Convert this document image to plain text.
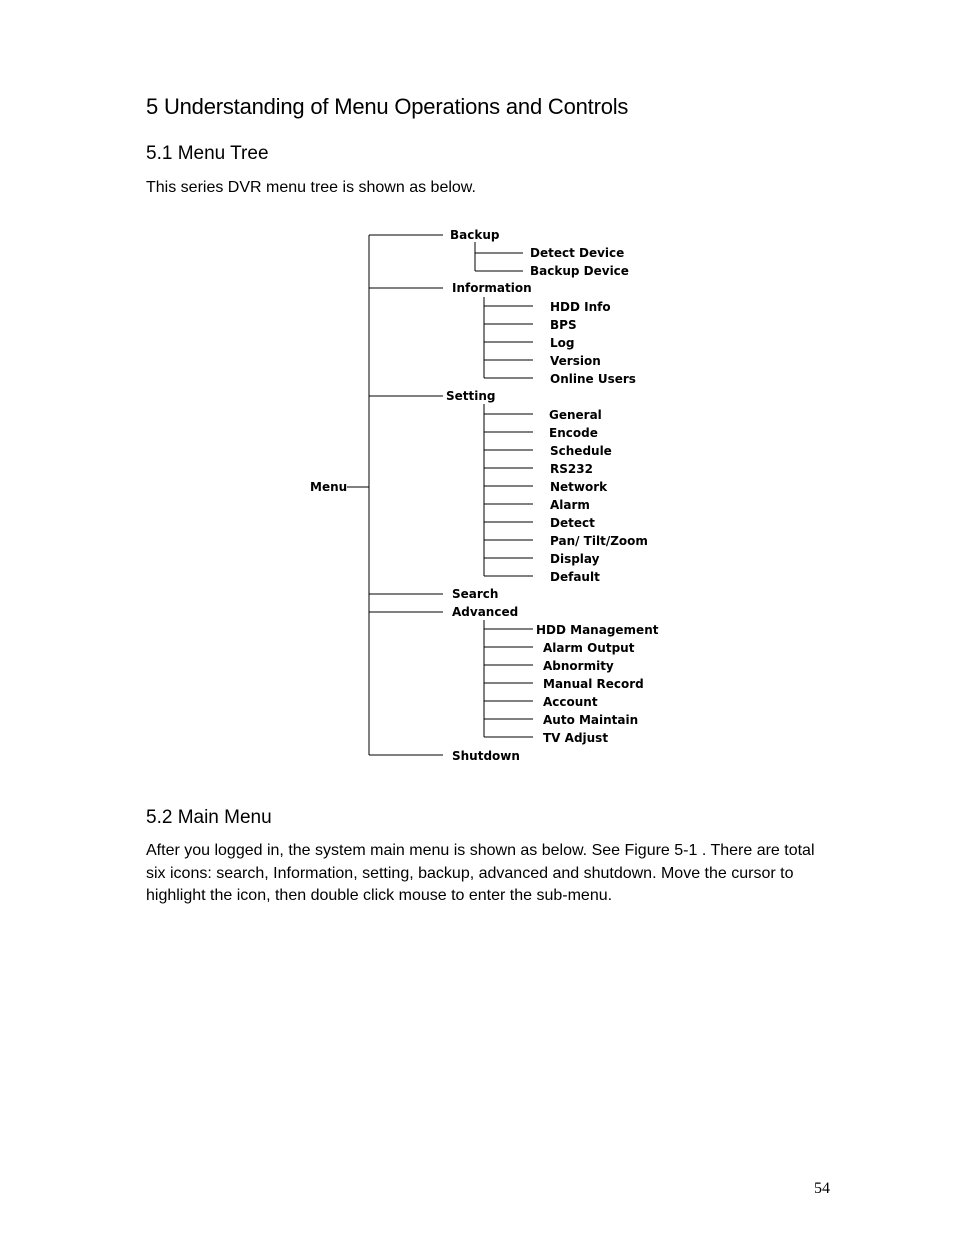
5 Understanding of Menu Operations and Controls
5.1 Menu Tree
This series DVR menu tree is shown as below.
Menu
Backup
Information
Setting
Search
Advanced
Shutdown
Detect Device
Backup Device
HDD Info
BPS
Log
Version
Online Users
General
Encode
Schedule
RS232
Network
Alarm
Detect
Pan/ Tilt/Zoom
Display
Default
HDD Management
Alarm Output
Abnormity
Manual Record
Account
Auto Maintain
TV Adjust
5.2 Main Menu
After you logged in, the system main menu is shown as below. See Figure 5-1 . There are total six icons: search, Information, setting, backup, advanced and shutdown. Move the cursor to highlight the icon, then double click mouse to enter the sub-menu.
54
